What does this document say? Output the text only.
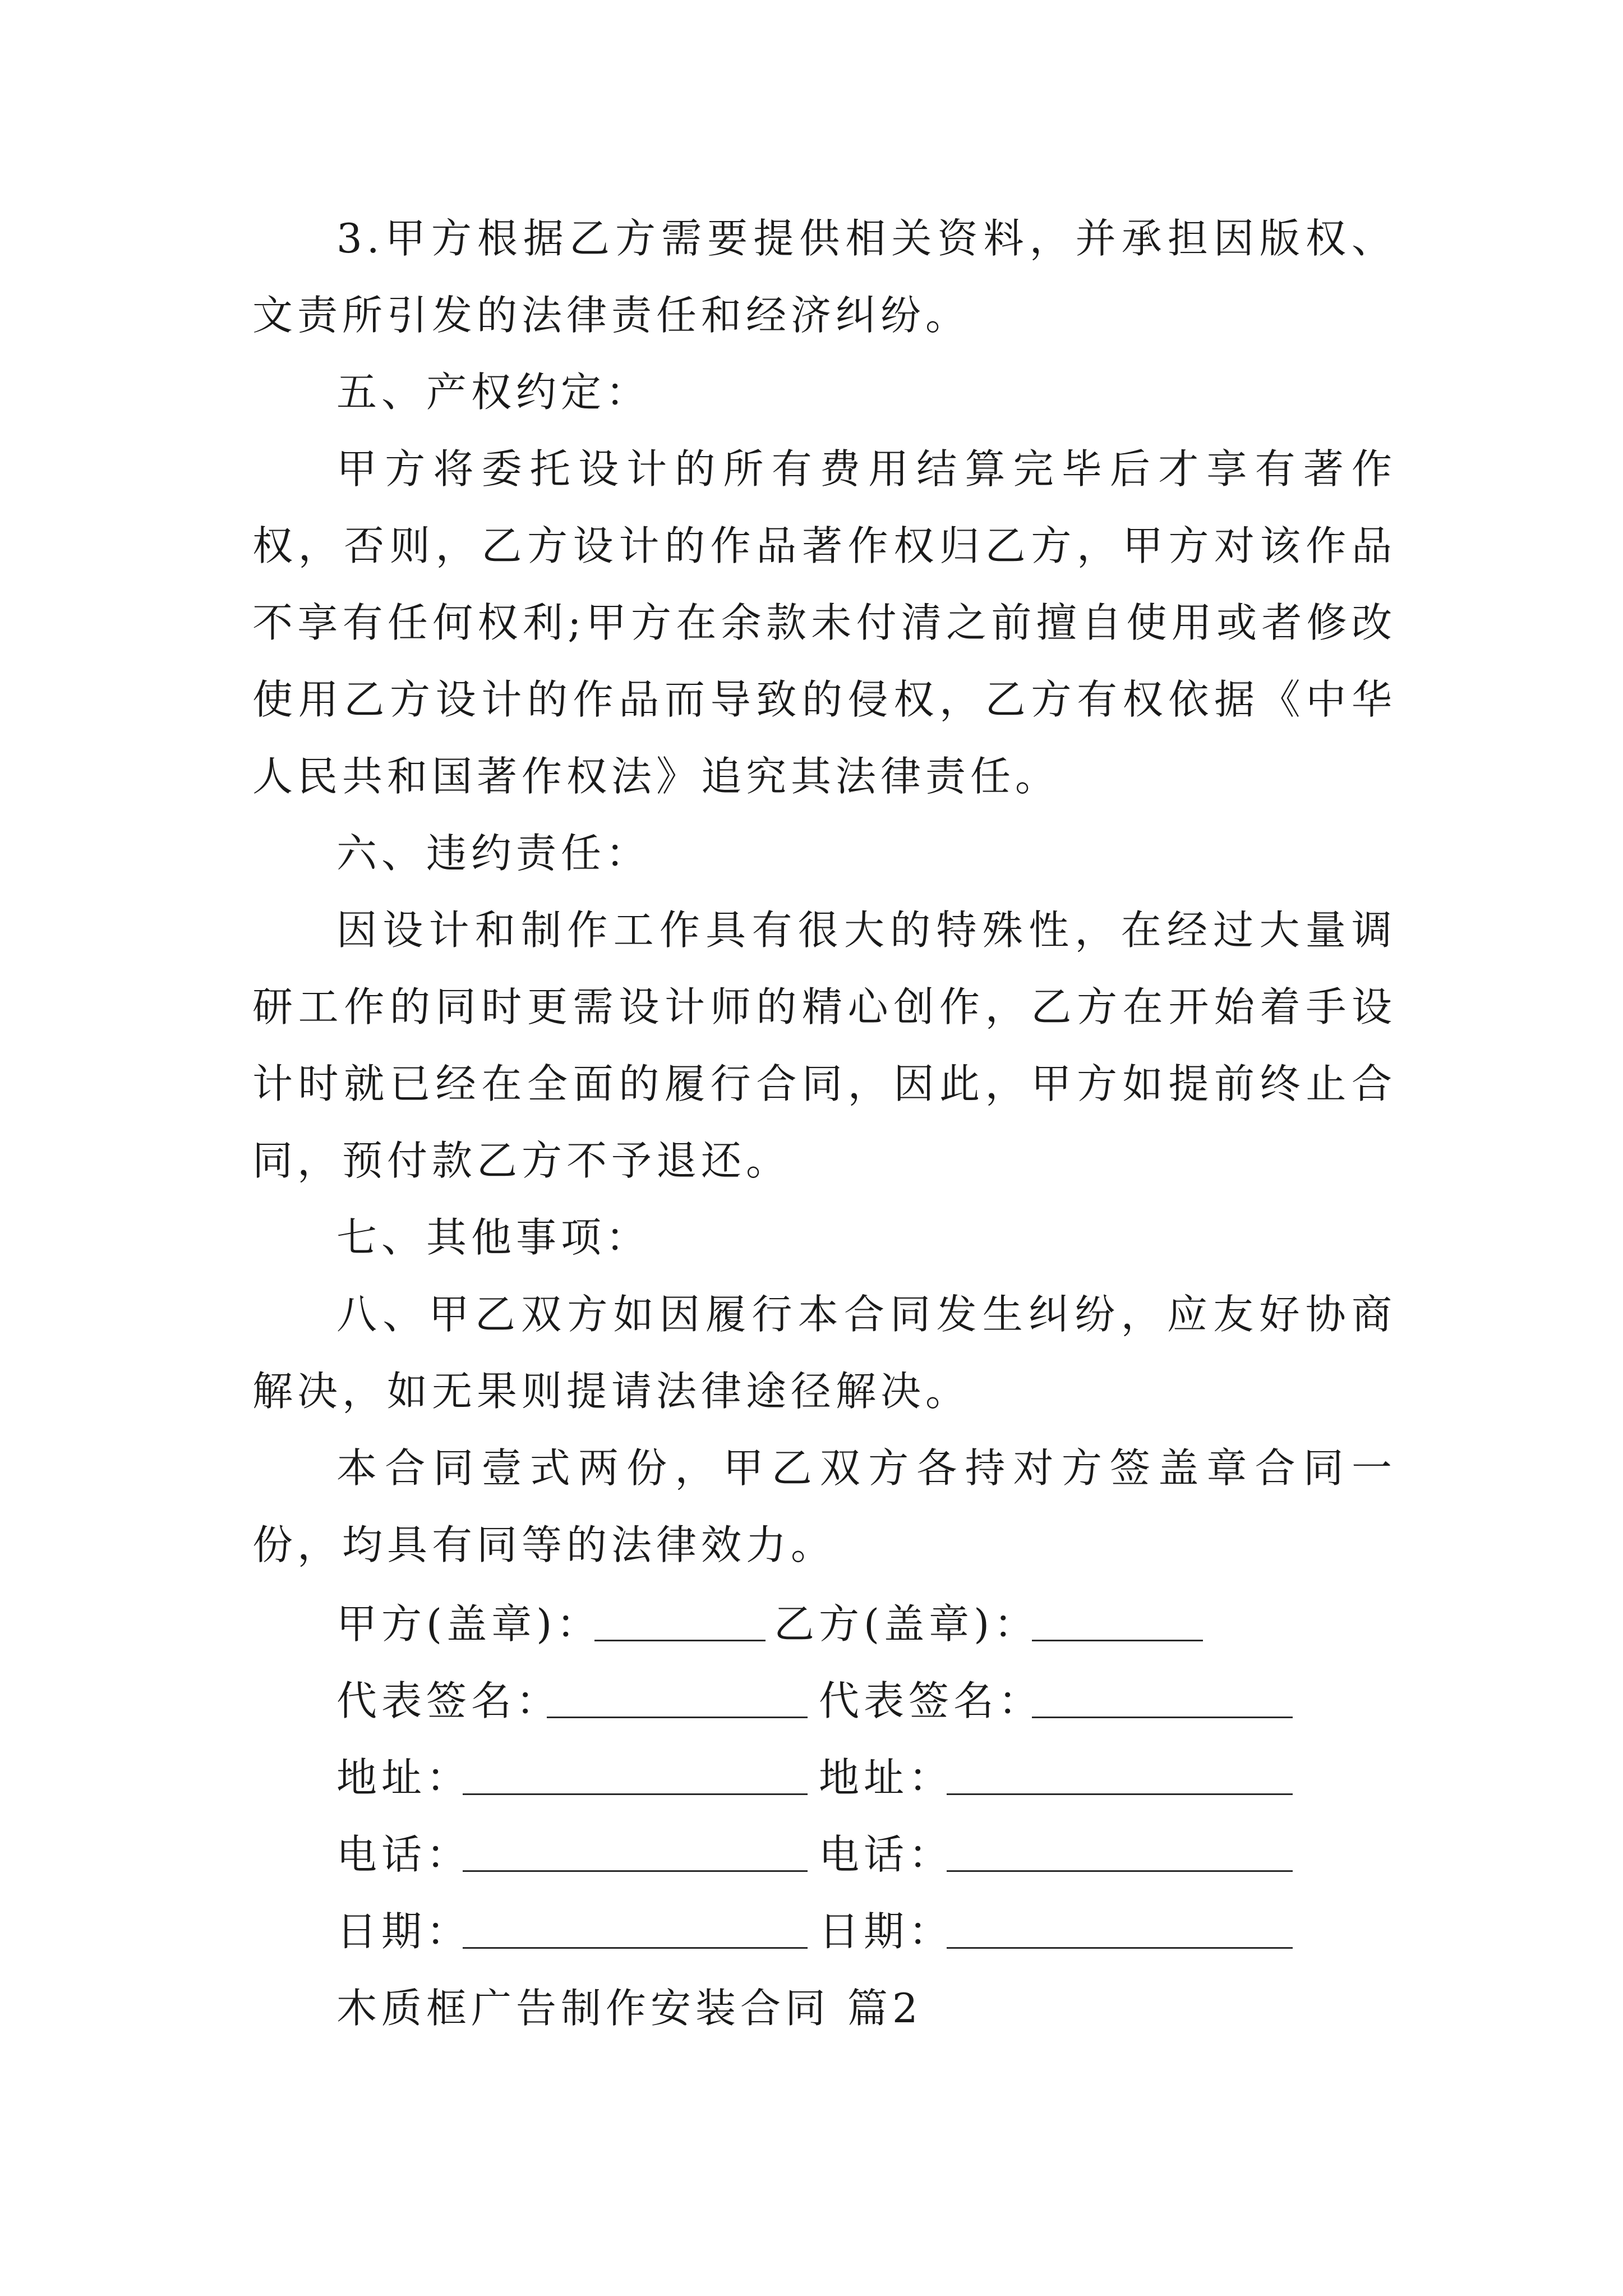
3.甲方根据乙方需要提供相关资料，并承担因版权、文责所引发的法律责任和经济纠纷。

五、产权约定：

甲方将委托设计的所有费用结算完毕后才享有著作权，否则，乙方设计的作品著作权归乙方，甲方对该作品不享有任何权利;甲方在余款未付清之前擅自使用或者修改使用乙方设计的作品而导致的侵权，乙方有权依据《中华人民共和国著作权法》追究其法律责任。

六、违约责任：

因设计和制作工作具有很大的特殊性，在经过大量调研工作的同时更需设计师的精心创作，乙方在开始着手设计时就已经在全面的履行合同，因此，甲方如提前终止合同，预付款乙方不予退还。

七、其他事项：

八、甲乙双方如因履行本合同发生纠纷，应友好协商解决，如无果则提请法律途径解决。

本合同壹式两份，甲乙双方各持对方签盖章合同一份，均具有同等的法律效力。

甲方(盖章)：	乙方(盖章)：
代表签名：	代表签名：
地址：	地址：
电话：	电话：
日期：	日期：
木质框广告制作安装合同 篇2
